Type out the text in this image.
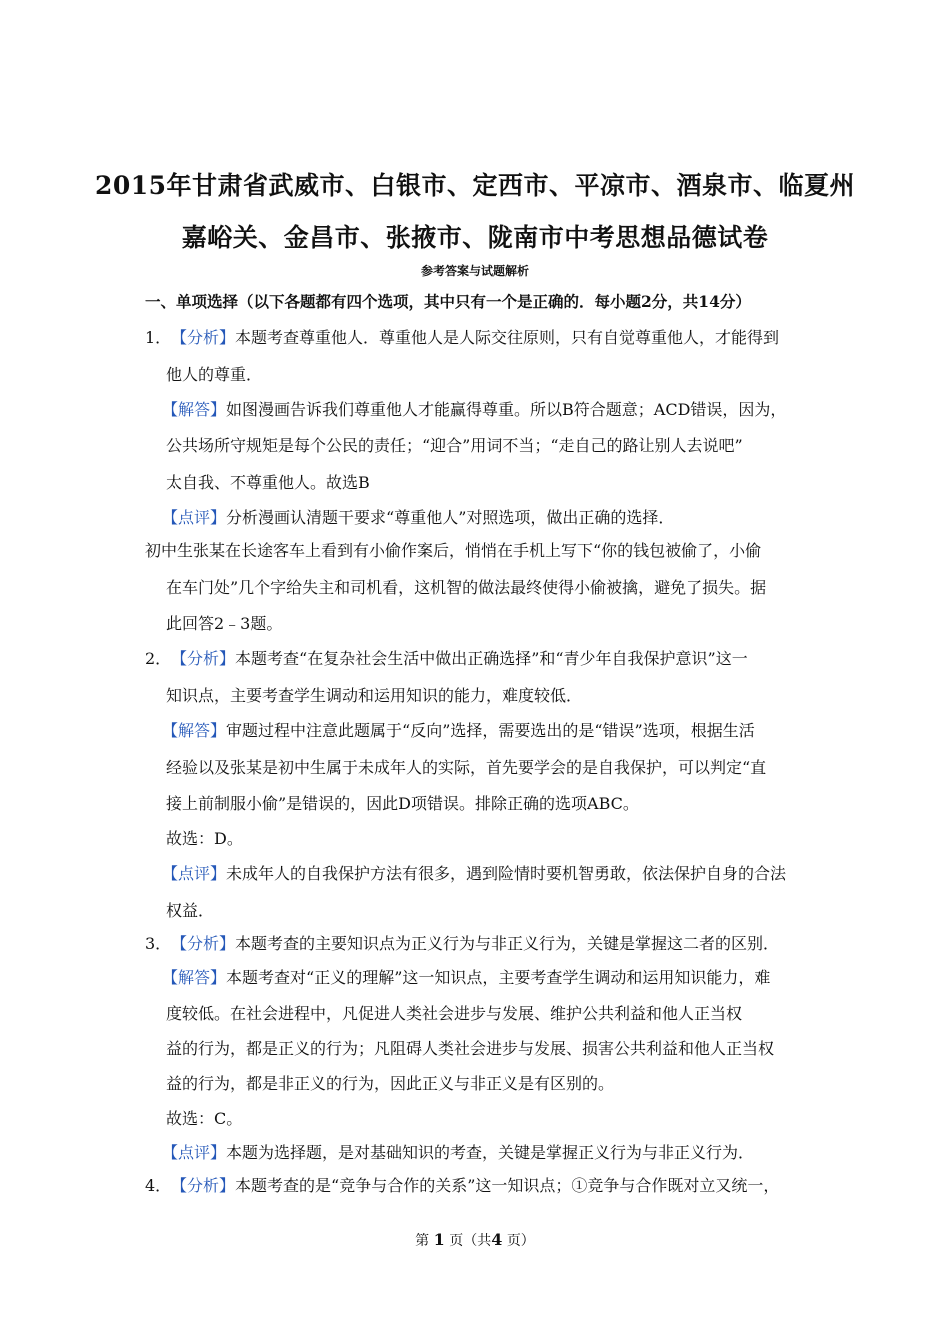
2015年甘肃省武威市、白银市、定西市、平凉市、酒泉市、临夏州
嘉峪关、金昌市、张掖市、陇南市中考思想品德试卷
参考答案与试题解析
一、单项选择（以下各题都有四个选项，其中只有一个是正确的．每小题2分，共14分）
1．【分析】本题考查尊重他人．尊重他人是人际交往原则，只有自觉尊重他人，才能得到
他人的尊重．
【解答】如图漫画告诉我们尊重他人才能赢得尊重。所以B符合题意；ACD错误，因为，
公共场所守规矩是每个公民的责任；“迎合”用词不当；“走自己的路让别人去说吧”
太自我、不尊重他人。故选B
【点评】分析漫画认清题干要求“尊重他人”对照选项，做出正确的选择．
初中生张某在长途客车上看到有小偷作案后，悄悄在手机上写下“你的钱包被偷了，小偷
在车门处”几个字给失主和司机看，这机智的做法最终使得小偷被擒，避免了损失。据
此回答2﹣3题。
2．【分析】本题考查“在复杂社会生活中做出正确选择”和“青少年自我保护意识”这一
知识点，主要考查学生调动和运用知识的能力，难度较低．
【解答】审题过程中注意此题属于“反向”选择，需要选出的是“错误”选项，根据生活
经验以及张某是初中生属于未成年人的实际，首先要学会的是自我保护，可以判定“直
接上前制服小偷”是错误的，因此D项错误。排除正确的选项ABC。
故选：D。
【点评】未成年人的自我保护方法有很多，遇到险情时要机智勇敢，依法保护自身的合法
权益．
3．【分析】本题考查的主要知识点为正义行为与非正义行为，关键是掌握这二者的区别．
【解答】本题考查对“正义的理解”这一知识点，主要考查学生调动和运用知识能力，难
度较低。在社会进程中，凡促进人类社会进步与发展、维护公共利益和他人正当权
益的行为，都是正义的行为；凡阻碍人类社会进步与发展、损害公共利益和他人正当权
益的行为，都是非正义的行为，因此正义与非正义是有区别的。
故选：C。
【点评】本题为选择题，是对基础知识的考查，关键是掌握正义行为与非正义行为．
4．【分析】本题考查的是“竞争与合作的关系”这一知识点；①竞争与合作既对立又统一，
第 1 页（共4 页）
